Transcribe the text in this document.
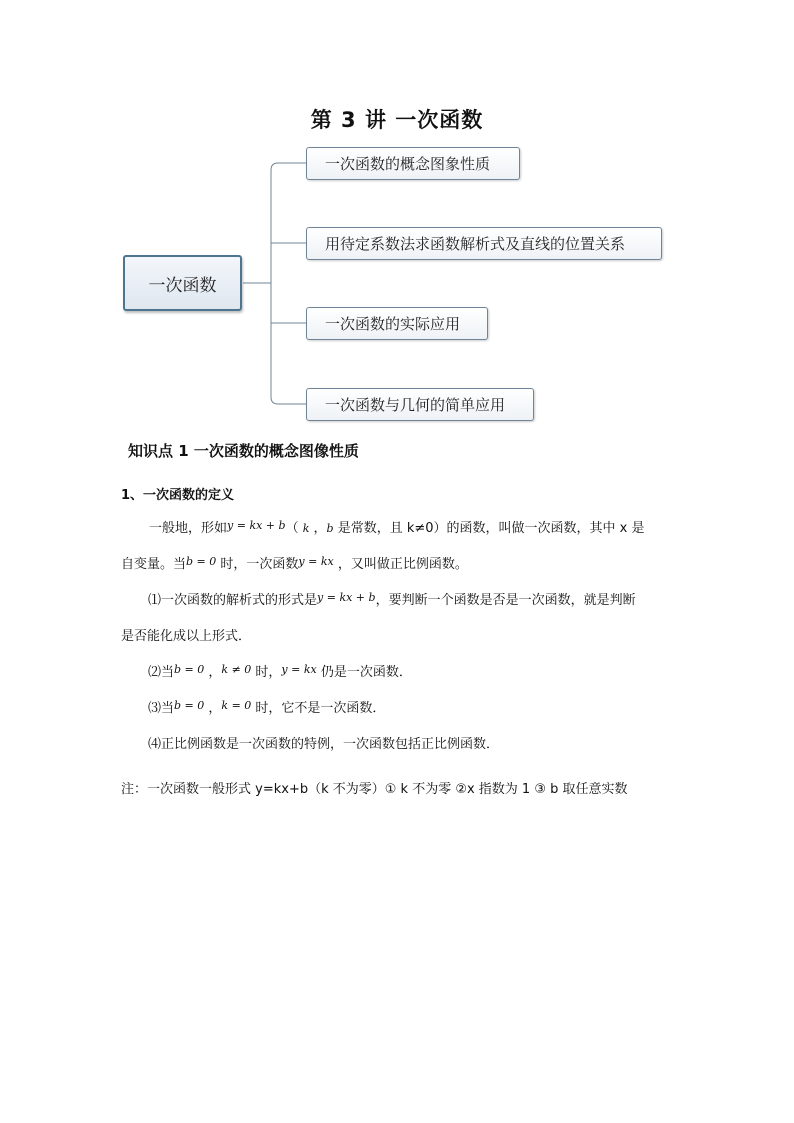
第 3 讲 一次函数
一次函数
一次函数的概念图象性质
用待定系数法求函数解析式及直线的位置关系
一次函数的实际应用
一次函数与几何的简单应用
知识点 1 一次函数的概念图像性质
1、一次函数的定义
一般地，形如$^{y = kx + b}$（ k ，b 是常数，且 k≠0）的函数，叫做一次函数，其中 x 是
自变量。当$^{b = 0}$ 时，一次函数$^{y = kx}$ ，又叫做正比例函数。
⑴一次函数的解析式的形式是$^{y = kx + b}$，要判断一个函数是否是一次函数，就是判断
是否能化成以上形式．
⑵当$^{b = 0}$ ，$^{k \ne 0}$ 时，$^{y = kx}$ 仍是一次函数．
⑶当$^{b = 0}$ ，$^{k = 0}$ 时，它不是一次函数．
⑷正比例函数是一次函数的特例，一次函数包括正比例函数．
注：一次函数一般形式 y=kx+b（k 不为零）① k 不为零 ②x 指数为 1 ③ b 取任意实数
